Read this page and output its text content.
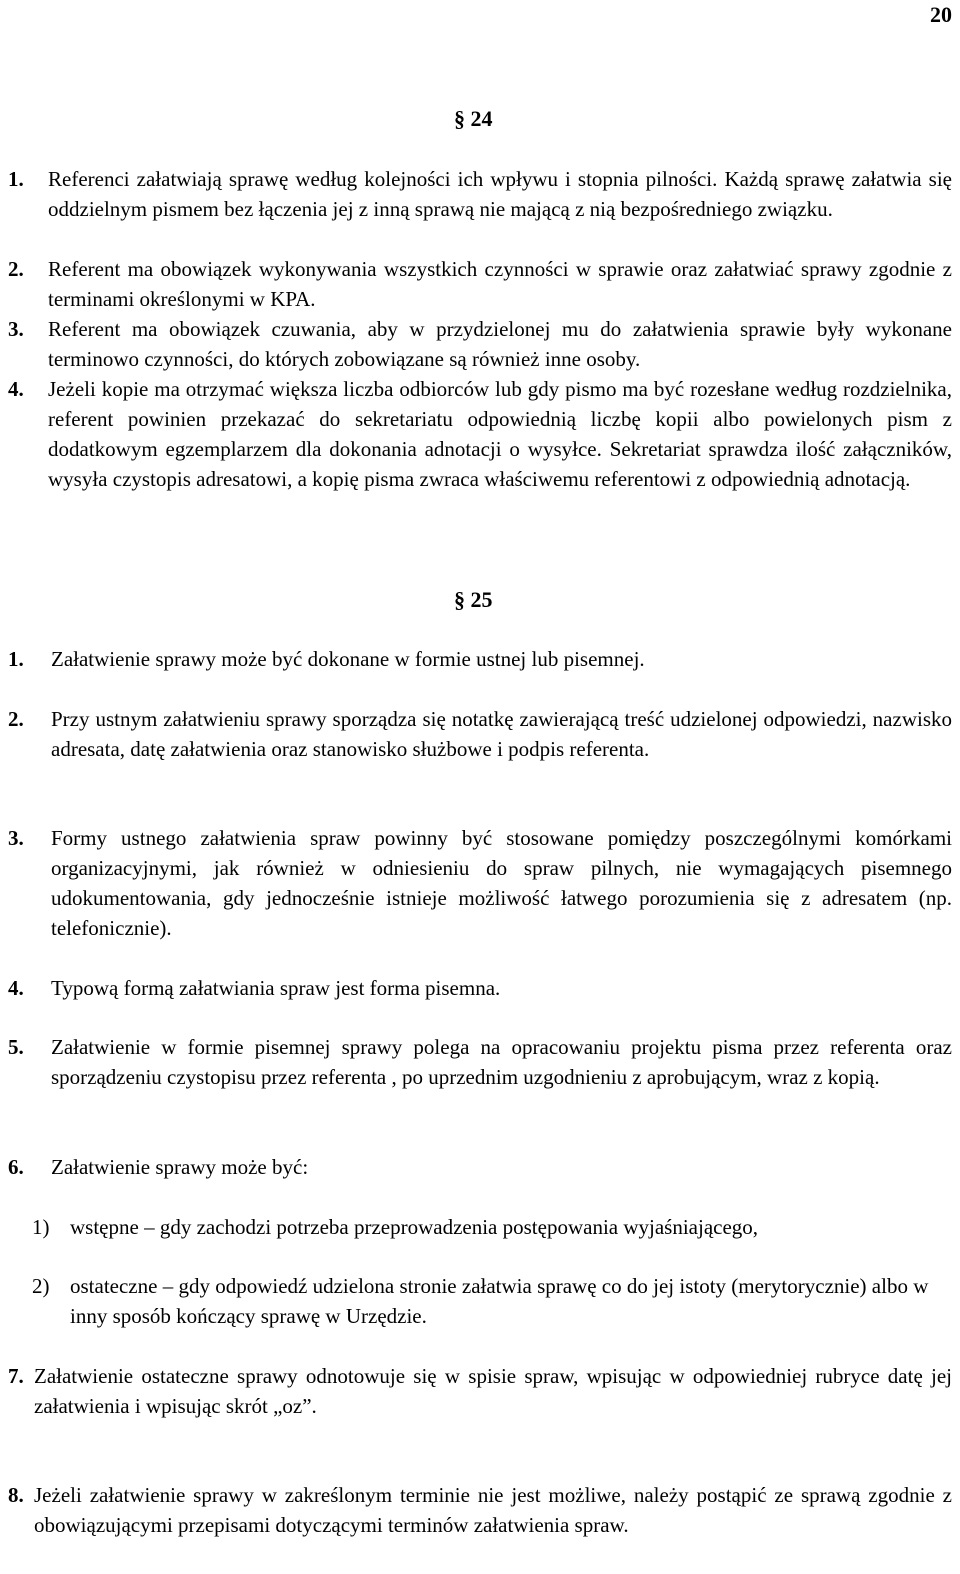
20
§ 24
1. Referenci załatwiają sprawę według kolejności ich wpływu i stopnia pilności. Każdą sprawę załatwia się oddzielnym pismem bez łączenia jej z inną sprawą nie mającą z nią bezpośredniego związku.
2. Referent ma obowiązek wykonywania wszystkich czynności w sprawie oraz załatwiać sprawy zgodnie z terminami określonymi w KPA.
3. Referent ma obowiązek czuwania, aby w przydzielonej mu do załatwienia sprawie były wykonane terminowo czynności, do których zobowiązane są również inne osoby.
4. Jeżeli kopie ma otrzymać większa liczba odbiorców lub gdy pismo ma być rozesłane według rozdzielnika, referent powinien przekazać do sekretariatu odpowiednią liczbę kopii albo powielonych pism z dodatkowym egzemplarzem dla dokonania adnotacji o wysyłce. Sekretariat sprawdza ilość załączników, wysyła czystopis adresatowi, a kopię pisma zwraca właściwemu referentowi z odpowiednią adnotacją.
§ 25
1. Załatwienie sprawy może być dokonane w formie ustnej lub pisemnej.
2. Przy ustnym załatwieniu sprawy sporządza się notatkę zawierającą treść udzielonej odpowiedzi, nazwisko adresata, datę załatwienia oraz stanowisko służbowe i podpis referenta.
3. Formy ustnego załatwienia spraw powinny być stosowane pomiędzy poszczególnymi komórkami organizacyjnymi, jak również w odniesieniu do spraw pilnych, nie wymagających pisemnego udokumentowania, gdy jednocześnie istnieje możliwość łatwego porozumienia się z adresatem (np. telefonicznie).
4. Typową formą załatwiania spraw jest forma pisemna.
5. Załatwienie w formie pisemnej sprawy polega na opracowaniu projektu pisma przez referenta oraz sporządzeniu czystopisu przez referenta , po uprzednim uzgodnieniu z aprobującym, wraz z kopią.
6. Załatwienie sprawy może być:
1) wstępne – gdy zachodzi potrzeba przeprowadzenia postępowania wyjaśniającego,
2) ostateczne – gdy odpowiedź udzielona stronie załatwia sprawę co do jej istoty (merytorycznie) albo w inny sposób kończący sprawę w Urzędzie.
7. Załatwienie ostateczne sprawy odnotowuje się w spisie spraw, wpisując w odpowiedniej rubryce datę jej załatwienia i wpisując skrót „oz”.
8. Jeżeli załatwienie sprawy w zakreślonym terminie nie jest możliwe, należy postąpić ze sprawą zgodnie z obowiązującymi przepisami dotyczącymi terminów załatwienia spraw.
